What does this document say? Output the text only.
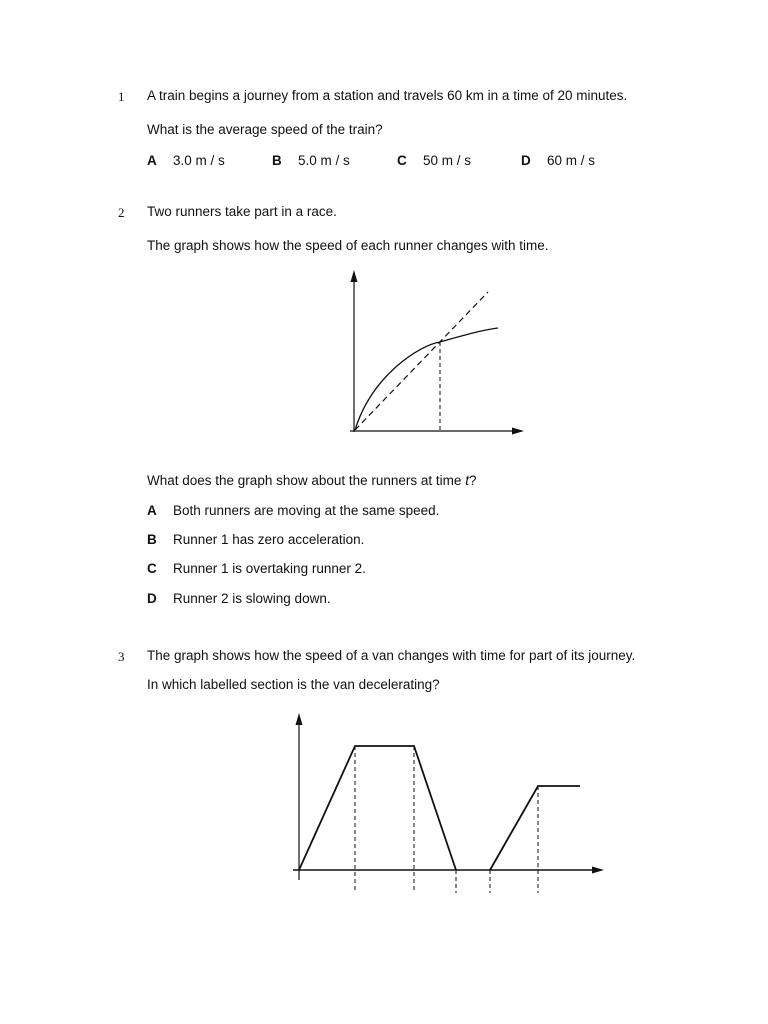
1 A train begins a journey from a station and travels 60 km in a time of 20 minutes.
What is the average speed of the train?
A 3.0 m / s	B 5.0 m / s	C 50 m / s	D 60 m / s
2 Two runners take part in a race.
The graph shows how the speed of each runner changes with time.
What does the graph show about the runners at time t?
A Both runners are moving at the same speed.
B Runner 1 has zero acceleration.
C Runner 1 is overtaking runner 2.
D Runner 2 is slowing down.
3 The graph shows how the speed of a van changes with time for part of its journey.
In which labelled section is the van decelerating?
